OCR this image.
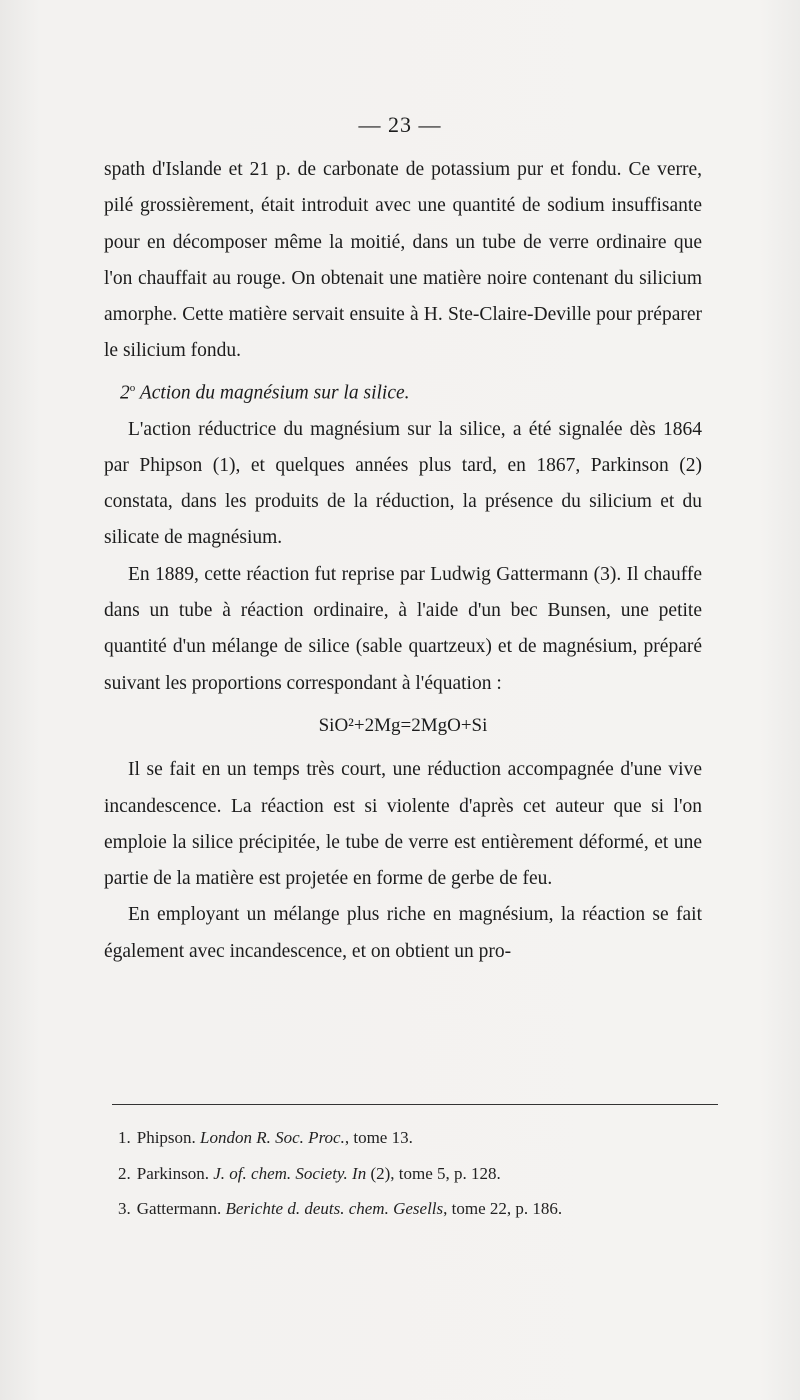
— 23 —

spath d'Islande et 21 p. de carbonate de potassium pur et fondu. Ce verre, pilé grossièrement, était introduit avec une quantité de sodium insuffisante pour en décomposer même la moitié, dans un tube de verre ordinaire que l'on chauffait au rouge. On obtenait une matière noire contenant du silicium amorphe. Cette matière servait ensuite à H. Ste-Claire-Deville pour préparer le silicium fondu.

2$^o$ Action du magnésium sur la silice.

L'action réductrice du magnésium sur la silice, a été signalée dès 1864 par Phipson (1), et quelques années plus tard, en 1867, Parkinson (2) constata, dans les produits de la réduction, la présence du silicium et du silicate de magnésium.

En 1889, cette réaction fut reprise par Ludwig Gattermann (3). Il chauffe dans un tube à réaction ordinaire, à l'aide d'un bec Bunsen, une petite quantité d'un mélange de silice (sable quartzeux) et de magnésium, préparé suivant les proportions correspondant à l'équation :

SiO²+2Mg=2MgO+Si

Il se fait en un temps très court, une réduction accompagnée d'une vive incandescence. La réaction est si violente d'après cet auteur que si l'on emploie la silice précipitée, le tube de verre est entièrement déformé, et une partie de la matière est projetée en forme de gerbe de feu.

En employant un mélange plus riche en magnésium, la réaction se fait également avec incandescence, et on obtient un pro-

1. Phipson. London R. Soc. Proc., tome 13.

2. Parkinson. J. of. chem. Society. In (2), tome 5, p. 128.

3. Gattermann. Berichte d. deuts. chem. Gesells, tome 22, p. 186.
